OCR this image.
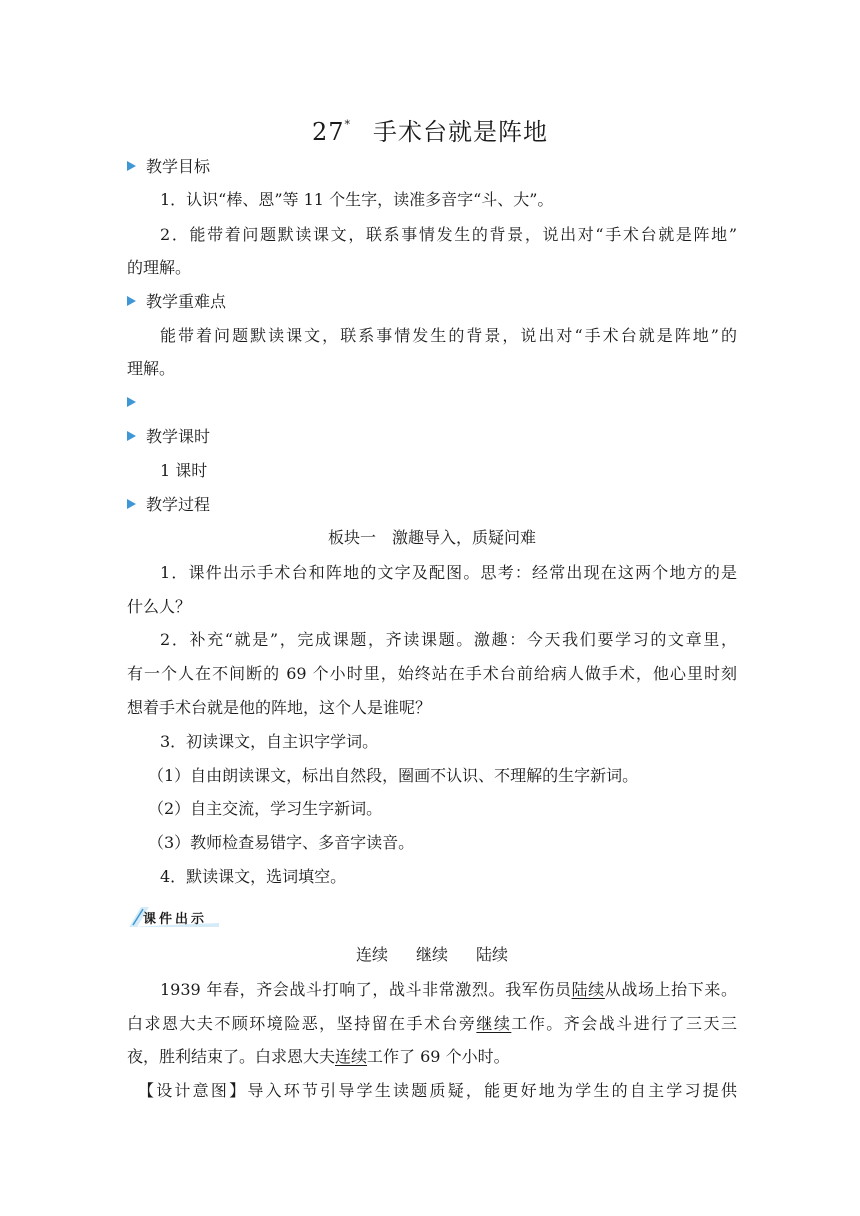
27* 手术台就是阵地
教学目标
1．认识“棒、恩”等 11 个生字，读准多音字“斗、大”。
2．能带着问题默读课文，联系事情发生的背景，说出对“手术台就是阵地”
的理解。
教学重难点
能带着问题默读课文，联系事情发生的背景，说出对“手术台就是阵地”的
理解。
教学课时
1 课时
教学过程
板块一　激趣导入，质疑问难
1．课件出示手术台和阵地的文字及配图。思考：经常出现在这两个地方的是
什么人？
2．补充“就是”，完成课题，齐读课题。激趣：今天我们要学习的文章里，
有一个人在不间断的 69 个小时里，始终站在手术台前给病人做手术，他心里时刻
想着手术台就是他的阵地，这个人是谁呢？
3．初读课文，自主识字学词。
（1）自由朗读课文，标出自然段，圈画不认识、不理解的生字新词。
（2）自主交流，学习生字新词。
（3）教师检查易错字、多音字读音。
4．默读课文，选词填空。
课件出示
连续 继续 陆续
1939 年春，齐会战斗打响了，战斗非常激烈。我军伤员陆续从战场上抬下来。
白求恩大夫不顾环境险恶，坚持留在手术台旁继续工作。齐会战斗进行了三天三
夜，胜利结束了。白求恩大夫连续工作了 69 个小时。
【设计意图】导入环节引导学生读题质疑，能更好地为学生的自主学习提供
